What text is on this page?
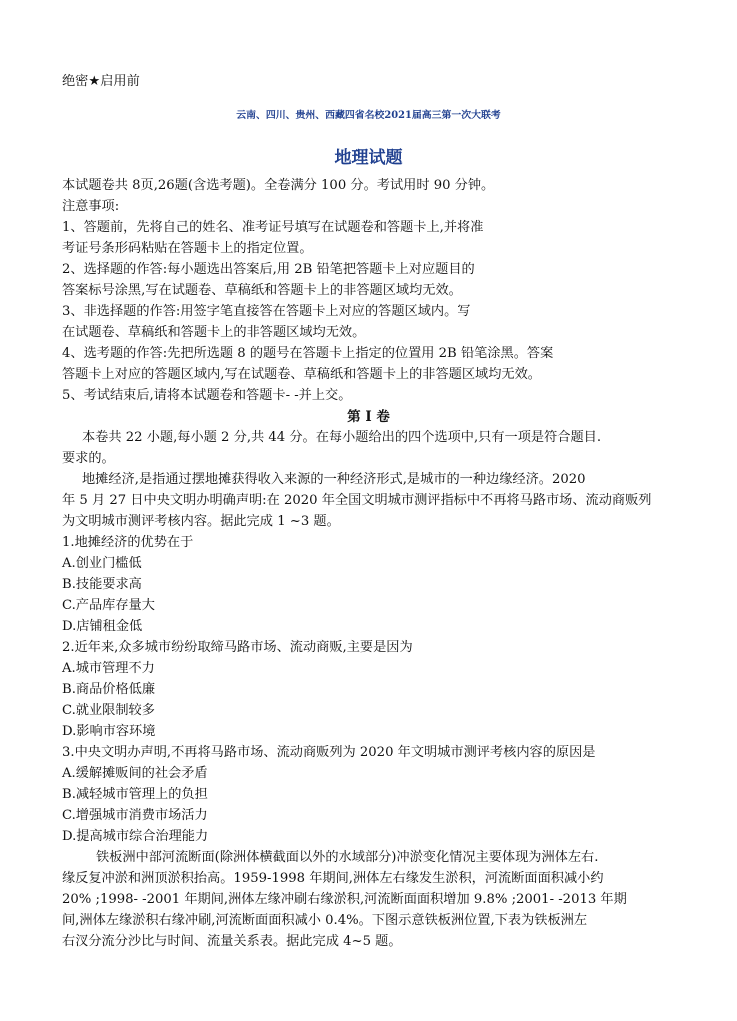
绝密★启用前
云南、四川、贵州、西藏四省名校2021届高三第一次大联考
地理试题
本试题卷共 8页,26题(含选考题)。全卷满分 100 分。考试用时 90 分钟。
注意事项:
1、答题前，先将自己的姓名、准考证号填写在试题卷和答题卡上,并将准
考证号条形码粘贴在答题卡上的指定位置。
2、选择题的作答:每小题选出答案后,用 2B 铅笔把答题卡上对应题目的
答案标号涂黑,写在试题卷、草稿纸和答题卡上的非答题区域均无效。
3、非选择题的作答:用签字笔直接答在答题卡上对应的答题区域内。写
在试题卷、草稿纸和答题卡上的非答题区域均无效。
4、选考题的作答:先把所选题 8 的题号在答题卡上指定的位置用 2B 铅笔涂黑。答案
答题卡上对应的答题区域内,写在试题卷、草稿纸和答题卡上的非答题区域均无效。
5、考试结束后,请将本试题卷和答题卡- -并上交。
第 I 卷
本卷共 22 小题,每小题 2 分,共 44 分。在每小题给出的四个选项中,只有一项是符合题目.
要求的。
地摊经济,是指通过摆地摊获得收入来源的一种经济形式,是城市的一种边缘经济。2020
年 5 月 27 日中央文明办明确声明:在 2020 年全国文明城市测评指标中不再将马路市场、流动商贩列
为文明城市测评考核内容。据此完成 1 ~3 题。
1.地摊经济的优势在于
A.创业门槛低
B.技能要求高
C.产品库存量大
D.店铺租金低
2.近年来,众多城市纷纷取缔马路市场、流动商贩,主要是因为
A.城市管理不力
B.商品价格低廉
C.就业限制较多
D.影响市容环境
3.中央文明办声明,不再将马路市场、流动商贩列为 2020 年文明城市测评考核内容的原因是
A.缓解摊贩间的社会矛盾
B.减轻城市管理上的负担
C.增强城市消费市场活力
D.提高城市综合治理能力
铁板洲中部河流断面(除洲体横截面以外的水域部分)冲淤变化情况主要体现为洲体左右.
缘反复冲淤和洲顶淤积抬高。1959-1998 年期间,洲体左右缘发生淤积，河流断面面积减小约
20% ;1998- -2001 年期间,洲体左缘冲刷右缘淤积,河流断面面积增加 9.8% ;2001- -2013 年期
间,洲体左缘淤积右缘冲刷,河流断面面积减小 0.4%。下图示意铁板洲位置,下表为铁板洲左
右汊分流分沙比与时间、流量关系表。据此完成 4~5 题。
